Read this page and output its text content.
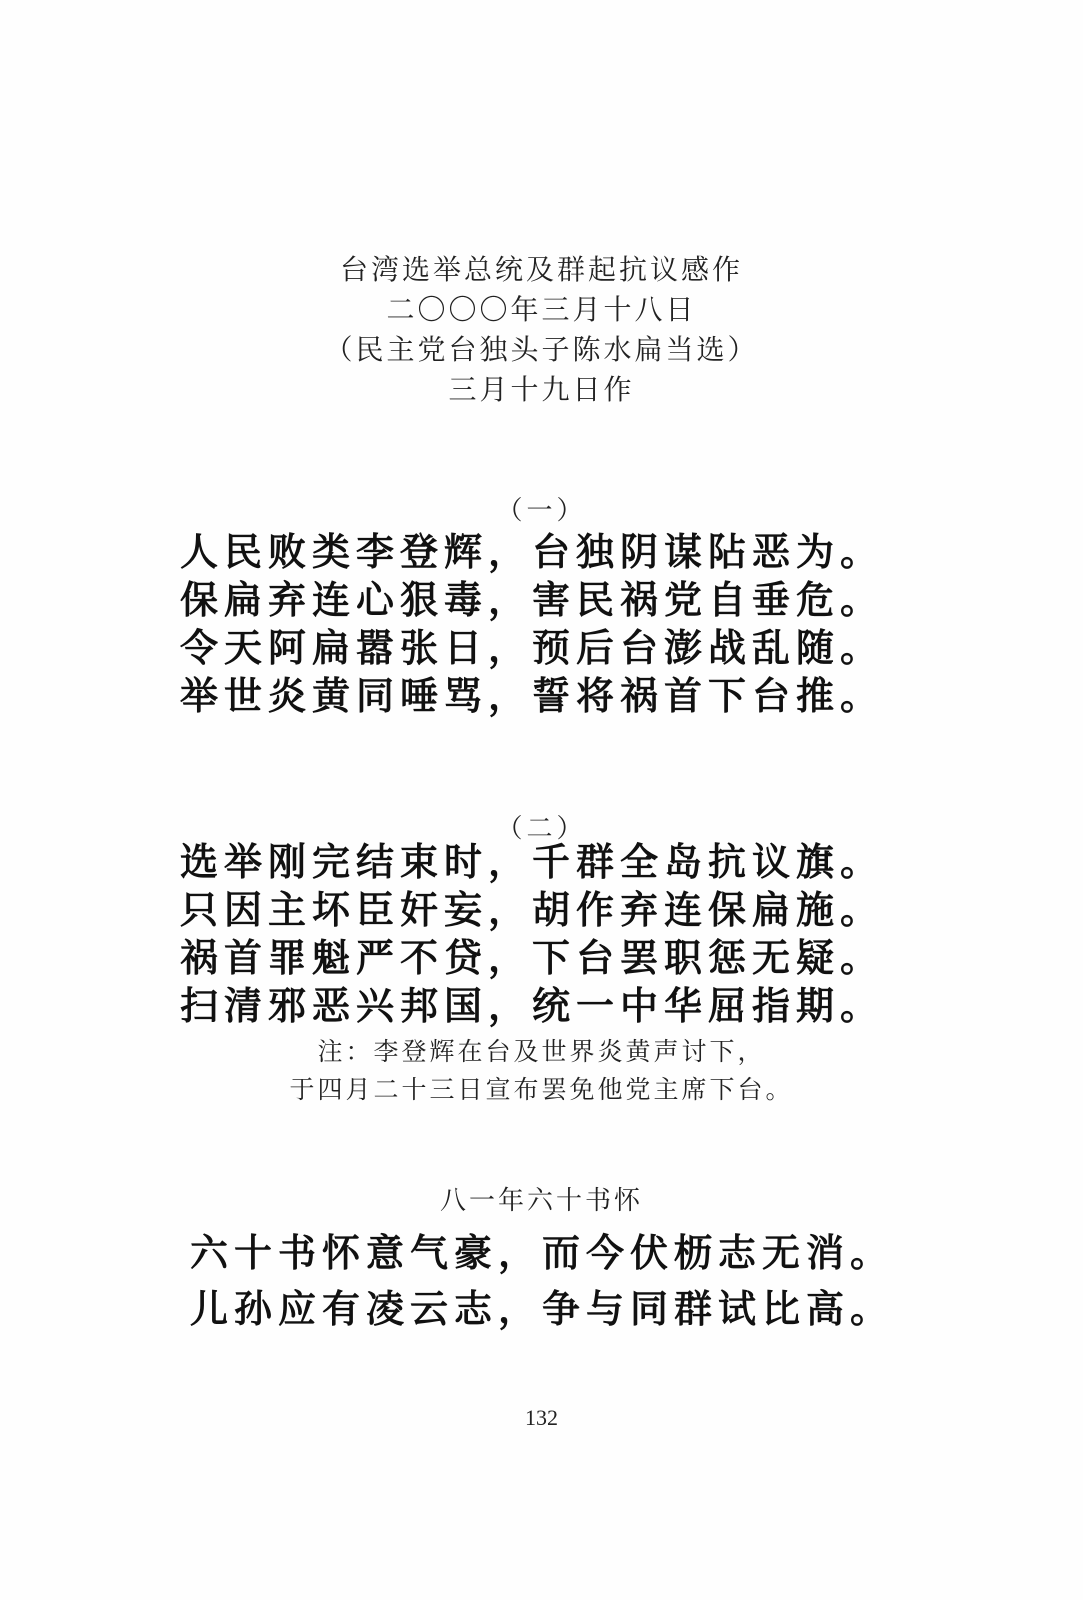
台湾选举总统及群起抗议感作
二〇〇〇年三月十八日
（民主党台独头子陈水扁当选）
三月十九日作
（一）
人民败类李登辉，台独阴谋阽恶为。
保扁弃连心狠毒，害民祸党自垂危。
令天阿扁嚣张日，预后台澎战乱随。
举世炎黄同唾骂，誓将祸首下台推。
（二）
选举刚完结束时，千群全岛抗议旗。
只因主坏臣奸妄，胡作弃连保扁施。
祸首罪魁严不贷，下台罢职惩无疑。
扫清邪恶兴邦国，统一中华屈指期。
注：李登辉在台及世界炎黄声讨下，
于四月二十三日宣布罢免他党主席下台。
八一年六十书怀
六十书怀意气豪，而今伏枥志无消。
儿孙应有凌云志，争与同群试比高。
132
